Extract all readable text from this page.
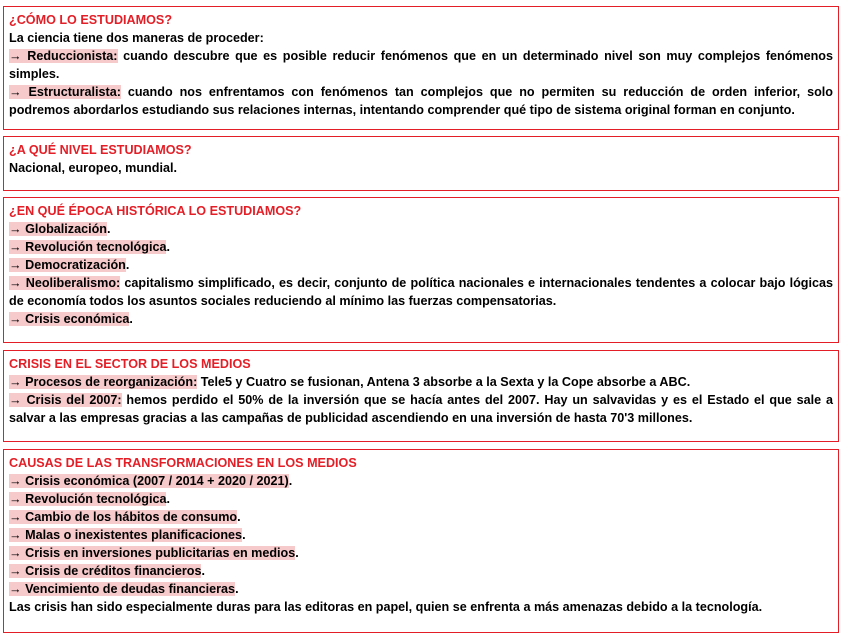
¿CÓMO LO ESTUDIAMOS?

La ciencia tiene dos maneras de proceder:

→ Reduccionista: cuando descubre que es posible reducir fenómenos que en un determinado nivel son muy complejos fenómenos simples.

→ Estructuralista: cuando nos enfrentamos con fenómenos tan complejos que no permiten su reducción de orden inferior, solo podremos abordarlos estudiando sus relaciones internas, intentando comprender qué tipo de sistema original forman en conjunto.

¿A QUÉ NIVEL ESTUDIAMOS?

Nacional, europeo, mundial.

¿EN QUÉ ÉPOCA HISTÓRICA LO ESTUDIAMOS?

→ Globalización.

→ Revolución tecnológica.

→ Democratización.

→ Neoliberalismo: capitalismo simplificado, es decir, conjunto de política nacionales e internacionales tendentes a colocar bajo lógicas de economía todos los asuntos sociales reduciendo al mínimo las fuerzas compensatorias.

→ Crisis económica.

CRISIS EN EL SECTOR DE LOS MEDIOS

→ Procesos de reorganización: Tele5 y Cuatro se fusionan, Antena 3 absorbe a la Sexta y la Cope absorbe a ABC.

→ Crisis del 2007: hemos perdido el 50% de la inversión que se hacía antes del 2007. Hay un salvavidas y es el Estado el que sale a salvar a las empresas gracias a las campañas de publicidad ascendiendo en una inversión de hasta 70'3 millones.

CAUSAS DE LAS TRANSFORMACIONES EN LOS MEDIOS

→ Crisis económica (2007 / 2014 + 2020 / 2021).

→ Revolución tecnológica.

→ Cambio de los hábitos de consumo.

→ Malas o inexistentes planificaciones.

→ Crisis en inversiones publicitarias en medios.

→ Crisis de créditos financieros.

→ Vencimiento de deudas financieras.

Las crisis han sido especialmente duras para las editoras en papel, quien se enfrenta a más amenazas debido a la tecnología.
